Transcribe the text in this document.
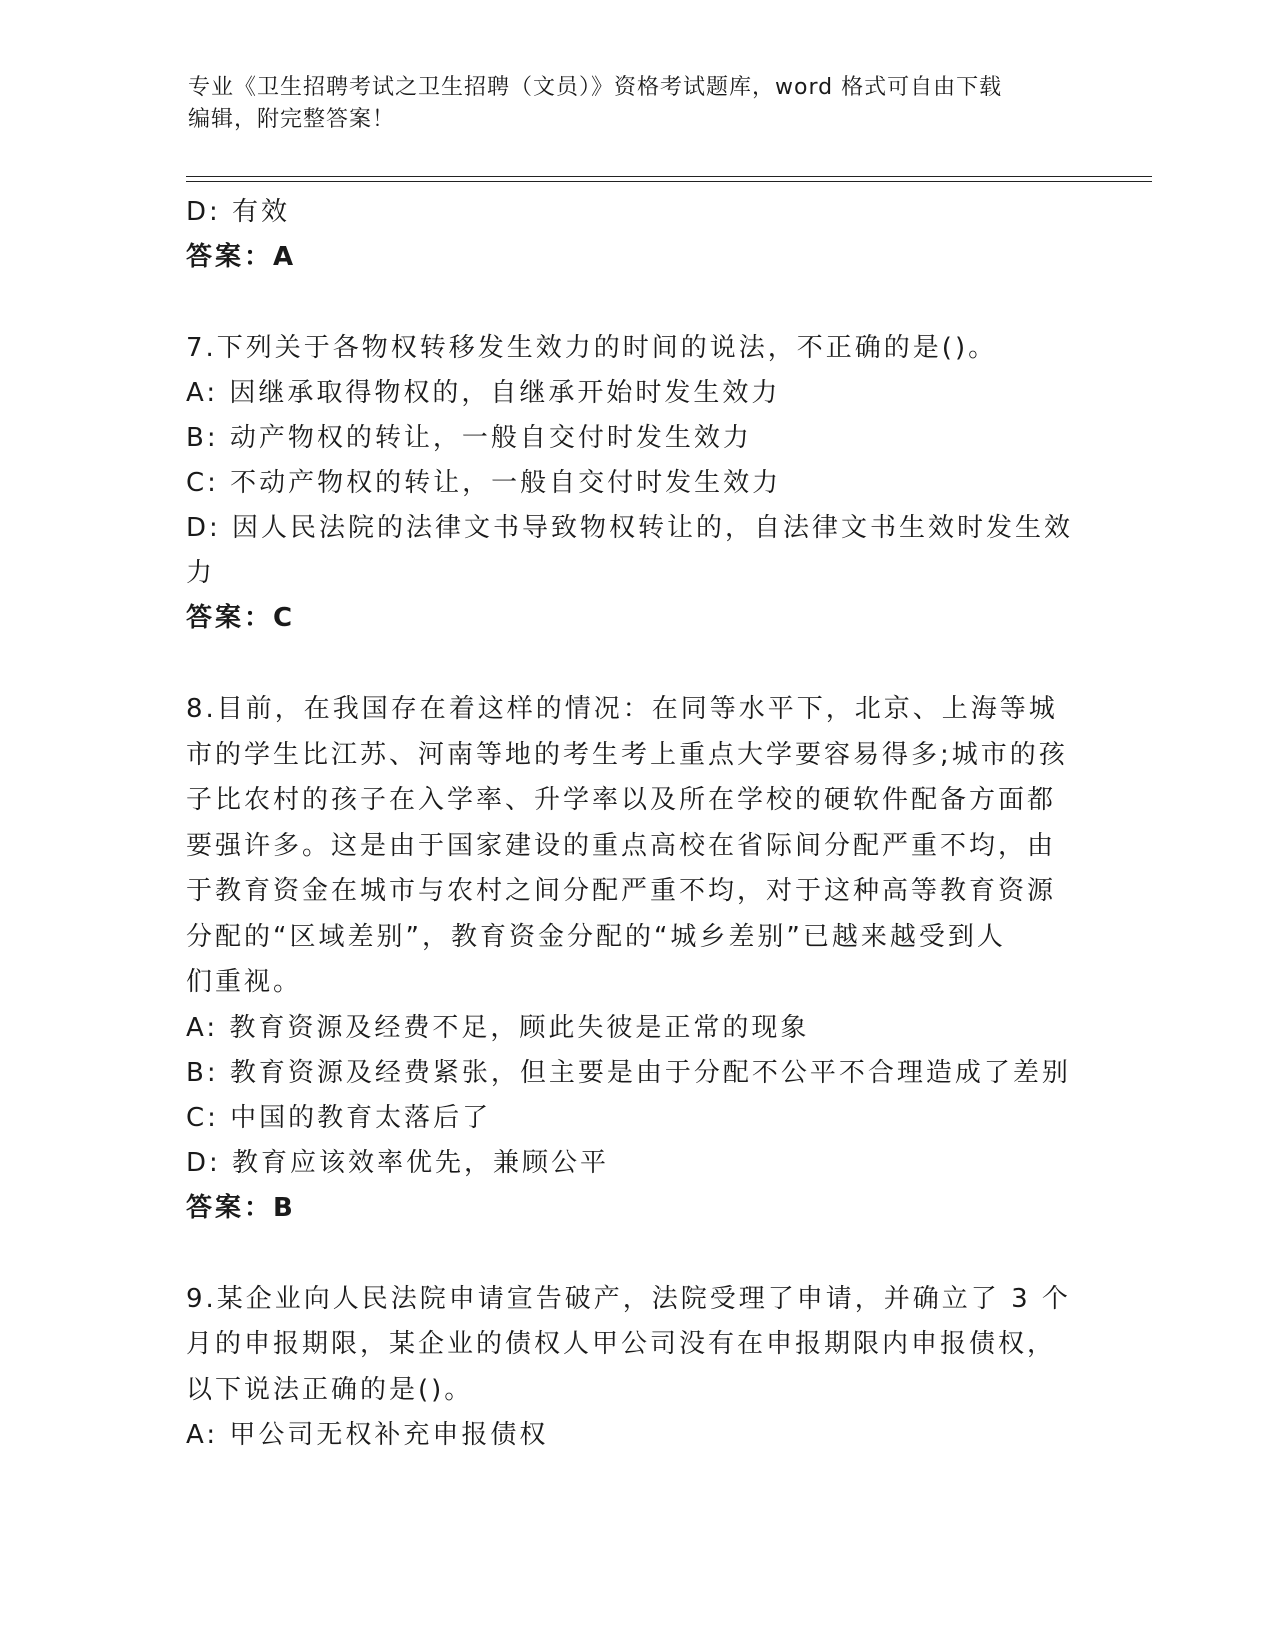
专业《卫生招聘考试之卫生招聘（文员）》资格考试题库，word 格式可自由下载
编辑，附完整答案！
D: 有效
答案：A
7.下列关于各物权转移发生效力的时间的说法，不正确的是()。
A: 因继承取得物权的，自继承开始时发生效力
B: 动产物权的转让，一般自交付时发生效力
C: 不动产物权的转让，一般自交付时发生效力
D: 因人民法院的法律文书导致物权转让的，自法律文书生效时发生效
力
答案：C
8.目前，在我国存在着这样的情况：在同等水平下，北京、上海等城
市的学生比江苏、河南等地的考生考上重点大学要容易得多;城市的孩
子比农村的孩子在入学率、升学率以及所在学校的硬软件配备方面都
要强许多。这是由于国家建设的重点高校在省际间分配严重不均，由
于教育资金在城市与农村之间分配严重不均，对于这种高等教育资源
分配的“区域差别”，教育资金分配的“城乡差别”已越来越受到人
们重视。
A: 教育资源及经费不足，顾此失彼是正常的现象
B: 教育资源及经费紧张，但主要是由于分配不公平不合理造成了差别
C: 中国的教育太落后了
D: 教育应该效率优先，兼顾公平
答案：B
9.某企业向人民法院申请宣告破产，法院受理了申请，并确立了 3 个
月的申报期限，某企业的债权人甲公司没有在申报期限内申报债权，
以下说法正确的是()。
A: 甲公司无权补充申报债权
